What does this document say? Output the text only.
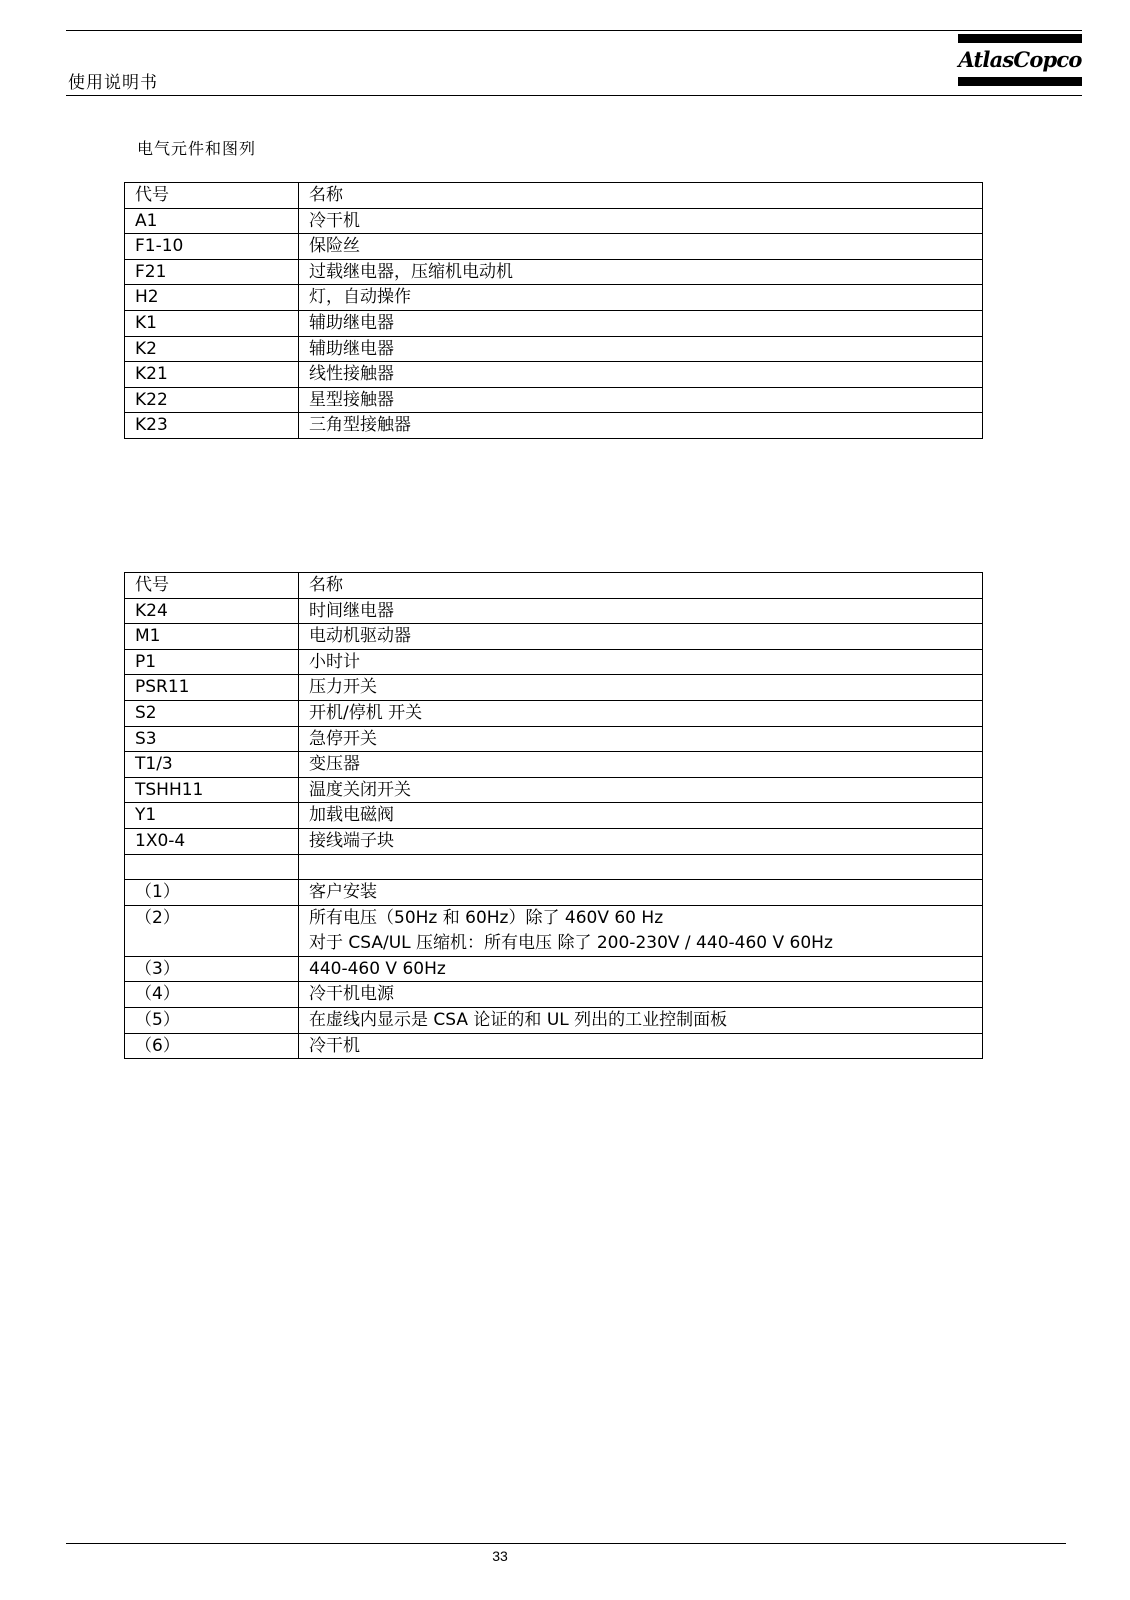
使用说明书
AtlasCopco
电气元件和图列
代号	名称
A1	冷干机
F1-10	保险丝
F21	过载继电器，压缩机电动机
H2	灯，自动操作
K1	辅助继电器
K2	辅助继电器
K21	线性接触器
K22	星型接触器
K23	三角型接触器
代号	名称
K24	时间继电器
M1	电动机驱动器
P1	小时计
PSR11	压力开关
S2	开机/停机 开关
S3	急停开关
T1/3	变压器
TSHH11	温度关闭开关
Y1	加载电磁阀
1X0-4	接线端子块

（1）	客户安装
（2）	所有电压（50Hz 和 60Hz）除了 460V 60 Hz
对于 CSA/UL 压缩机：所有电压 除了 200-230V / 440-460 V 60Hz

（3）	440-460 V 60Hz
（4）	冷干机电源
（5）	在虚线内显示是 CSA 论证的和 UL 列出的工业控制面板
（6）	冷干机
33
